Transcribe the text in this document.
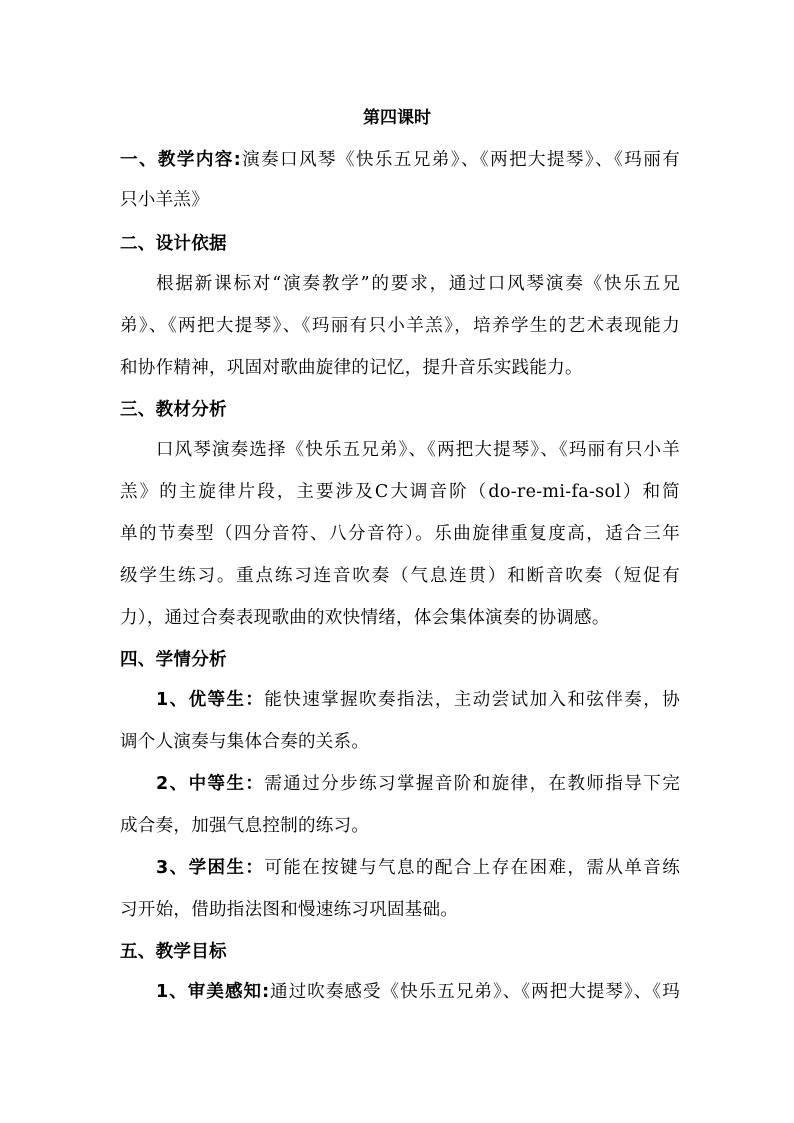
第四课时
一、教学内容:演奏口风琴《快乐五兄弟》、《两把大提琴》、《玛丽有
只小羊羔》
二、设计依据
根据新课标对“演奏教学”的要求，通过口风琴演奏《快乐五兄
弟》、《两把大提琴》、《玛丽有只小羊羔》，培养学生的艺术表现能力
和协作精神，巩固对歌曲旋律的记忆，提升音乐实践能力。
三、教材分析
口风琴演奏选择《快乐五兄弟》、《两把大提琴》、《玛丽有只小羊
羔》的主旋律片段，主要涉及C大调音阶（do-re-mi-fa-sol）和简
单的节奏型（四分音符、八分音符）。乐曲旋律重复度高，适合三年
级学生练习。重点练习连音吹奏（气息连贯）和断音吹奏（短促有
力），通过合奏表现歌曲的欢快情绪，体会集体演奏的协调感。
四、学情分析
1、优等生：能快速掌握吹奏指法，主动尝试加入和弦伴奏，协
调个人演奏与集体合奏的关系。
2、中等生：需通过分步练习掌握音阶和旋律，在教师指导下完
成合奏，加强气息控制的练习。
3、学困生：可能在按键与气息的配合上存在困难，需从单音练
习开始，借助指法图和慢速练习巩固基础。
五、教学目标
1、审美感知:通过吹奏感受《快乐五兄弟》、《两把大提琴》、《玛
